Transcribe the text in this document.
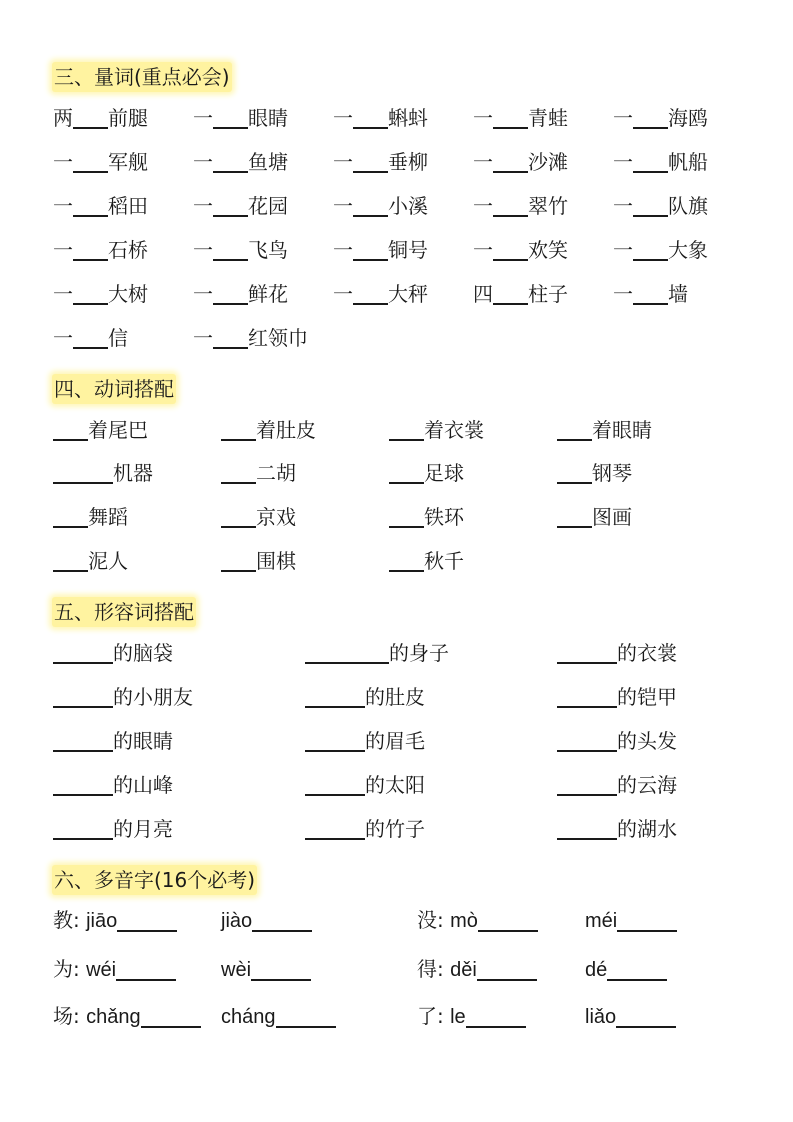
三、量词(重点必会)
两 前腿 一 眼睛 一 蝌蚪 一 青蛙 一 海鸥
一 军舰 一 鱼塘 一 垂柳 一 沙滩 一 帆船
一 稻田 一 花园 一 小溪 一 翠竹 一 队旗
一 石桥 一 飞鸟 一 铜号 一 欢笑 一 大象
一 大树 一 鲜花 一 大秤 四 柱子 一 墙
一 信	一 红领巾
四、动词搭配
着尾巴	着肚皮	着衣裳	着眼睛
机器	二胡	足球	钢琴
舞蹈	京戏	铁环	图画
泥人	围棋	秋千
五、形容词搭配
的脑袋	的身子	的衣裳
的小朋友	的肚皮	的铠甲
的眼睛	的眉毛	的头发
的山峰	的太阳	的云海
的月亮	的竹子	的湖水
六、多音字(16个必考)
教: jiāo	jiào	没: mò	méi
为: wéi	wèi	得: děi	dé
场: chǎng	cháng	了: le	liǎo
